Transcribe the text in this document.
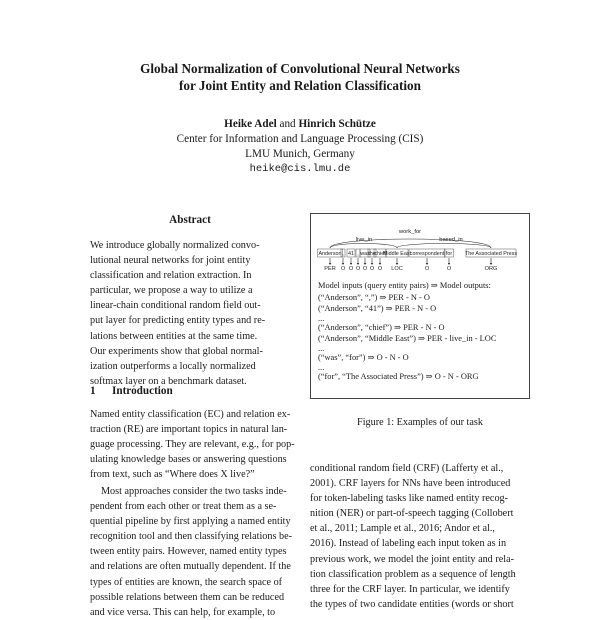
Global Normalization of Convolutional Neural Networks
for Joint Entity and Relation Classification
Heike Adel and Hinrich Schütze
Center for Information and Language Processing (CIS)
LMU Munich, Germany
heike@cis.lmu.de
Abstract
We introduce globally normalized convo-
lutional neural networks for joint entity
classification and relation extraction. In
particular, we propose a way to utilize a
linear-chain conditional random field out-
put layer for predicting entity types and re-
lations between entities at the same time.
Our experiments show that global normal-
ization outperforms a locally normalized
softmax layer on a benchmark dataset.
1 Introduction
Named entity classification (EC) and relation ex-
traction (RE) are important topics in natural lan-
guage processing. They are relevant, e.g., for pop-
ulating knowledge bases or answering questions
from text, such as “Where does X live?”
Most approaches consider the two tasks inde-
pendent from each other or treat them as a se-
quential pipeline by first applying a named entity
recognition tool and then classifying relations be-
tween entity pairs. However, named entity types
and relations are often mutually dependent. If the
types of entities are known, the search space of
possible relations between them can be reduced
and vice versa. This can help, for example, to
Anderson
PER
,
O
41
O
,
O
was
O
the
O
chief
O
Middle East
LOC
correspondent
O
for
O
The Associated Press
ORG
work_for
live_in	based_in
Model inputs (query entity pairs) ⇒ Model outputs:
(“Anderson”, “,”) ⇒ PER - N - O
(“Anderson”, “41”) ⇒ PER - N - O
...
(“Anderson”, “chief”) ⇒ PER - N - O
(“Anderson”, “Middle East”) ⇒ PER - live_in - LOC
...
(“was”, “for”) ⇒ O - N - O
...
(“for”, “The Associated Press”) ⇒ O - N - ORG
Figure 1: Examples of our task
conditional random field (CRF) (Lafferty et al.,
2001). CRF layers for NNs have been introduced
for token-labeling tasks like named entity recog-
nition (NER) or part-of-speech tagging (Collobert
et al., 2011; Lample et al., 2016; Andor et al.,
2016). Instead of labeling each input token as in
previous work, we model the joint entity and rela-
tion classification problem as a sequence of length
three for the CRF layer. In particular, we identify
the types of two candidate entities (words or short
